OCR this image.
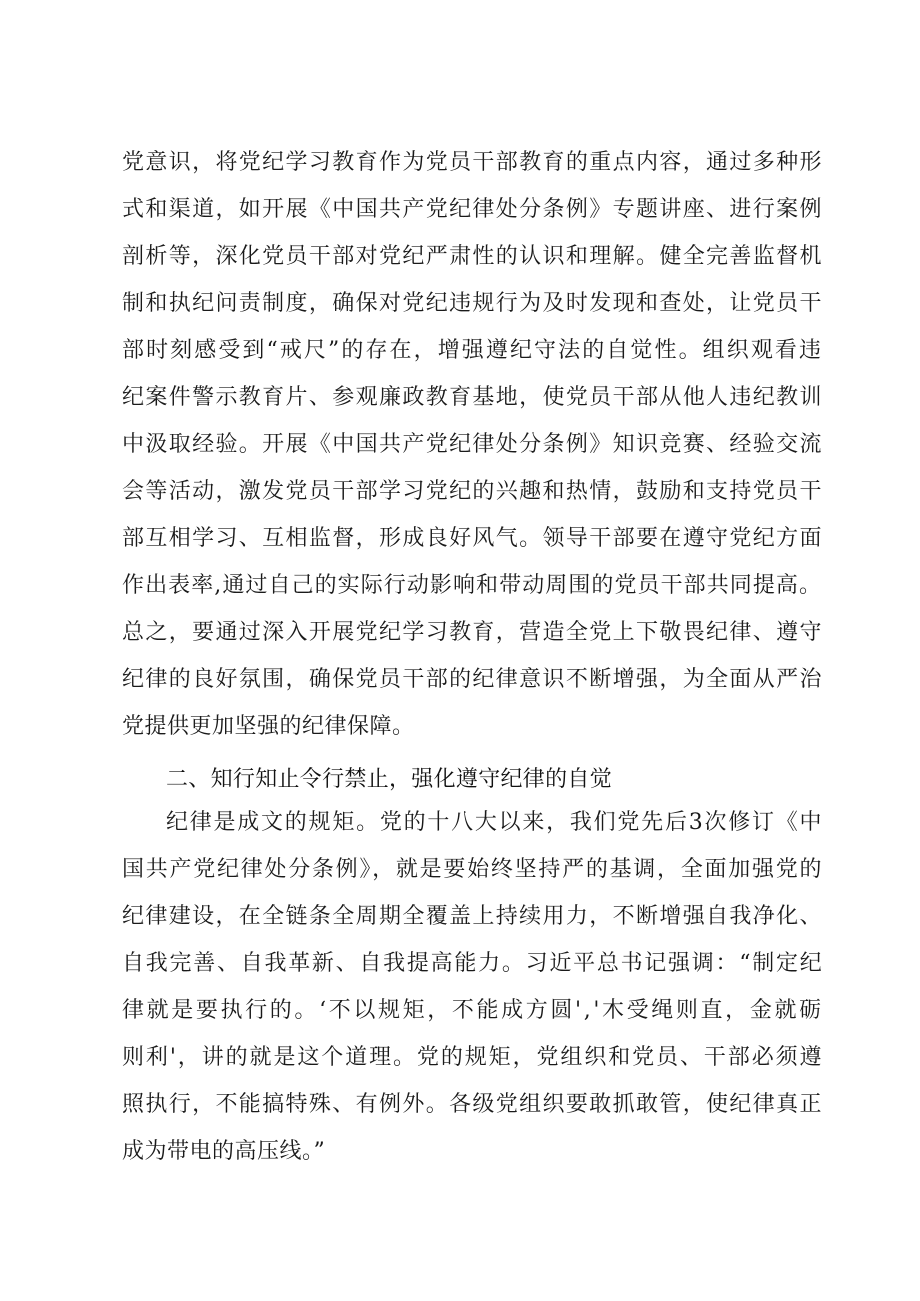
党意识，将党纪学习教育作为党员干部教育的重点内容，通过多种形
式和渠道，如开展《中国共产党纪律处分条例》专题讲座、进行案例
剖析等，深化党员干部对党纪严肃性的认识和理解。健全完善监督机
制和执纪问责制度，确保对党纪违规行为及时发现和查处，让党员干
部时刻感受到“戒尺”的存在，增强遵纪守法的自觉性。组织观看违
纪案件警示教育片、参观廉政教育基地，使党员干部从他人违纪教训
中汲取经验。开展《中国共产党纪律处分条例》知识竞赛、经验交流
会等活动，激发党员干部学习党纪的兴趣和热情，鼓励和支持党员干
部互相学习、互相监督，形成良好风气。领导干部要在遵守党纪方面
作出表率,通过自己的实际行动影响和带动周围的党员干部共同提高。
总之，要通过深入开展党纪学习教育，营造全党上下敬畏纪律、遵守
纪律的良好氛围，确保党员干部的纪律意识不断增强，为全面从严治
党提供更加坚强的纪律保障。
二、知行知止令行禁止，强化遵守纪律的自觉
纪律是成文的规矩。党的十八大以来，我们党先后3次修订《中
国共产党纪律处分条例》，就是要始终坚持严的基调，全面加强党的
纪律建设，在全链条全周期全覆盖上持续用力，不断增强自我净化、
自我完善、自我革新、自我提高能力。习近平总书记强调：“制定纪
律就是要执行的。‘不以规矩，不能成方圆','木受绳则直，金就砺
则利'，讲的就是这个道理。党的规矩，党组织和党员、干部必须遵
照执行，不能搞特殊、有例外。各级党组织要敢抓敢管，使纪律真正
成为带电的高压线。”
